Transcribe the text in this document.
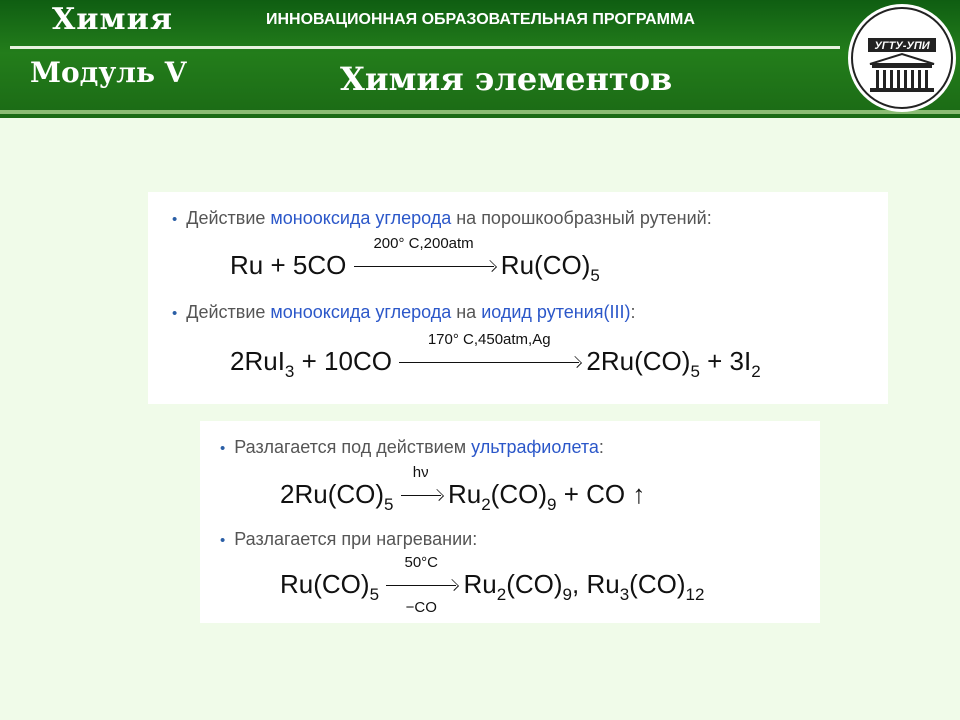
Химия
Модуль V
ИННОВАЦИОННАЯ ОБРАЗОВАТЕЛЬНАЯ ПРОГРАММА
Химия элементов
УГТУ-УПИ
• Действие монооксида углерода на порошкообразный рутений:
Ru + 5CO
200° C,200atm
$Ru(CO)_5$
• Действие монооксида углерода на иодид рутения(III):
2RuI$_3$ + 10CO
170° C,450atm,Ag
$2Ru(CO)_5 + 3I_2$
• Разлагается под действием ультрафиолета:
$2Ru(CO)_5$
hν
$Ru_2(CO)_9$ + CO ↑
• Разлагается при нагревании:
$Ru(CO)_5 \frac{50^\circ C}{-CO} Ru_2(CO)_9$, $Ru_3(CO)_{12}$
